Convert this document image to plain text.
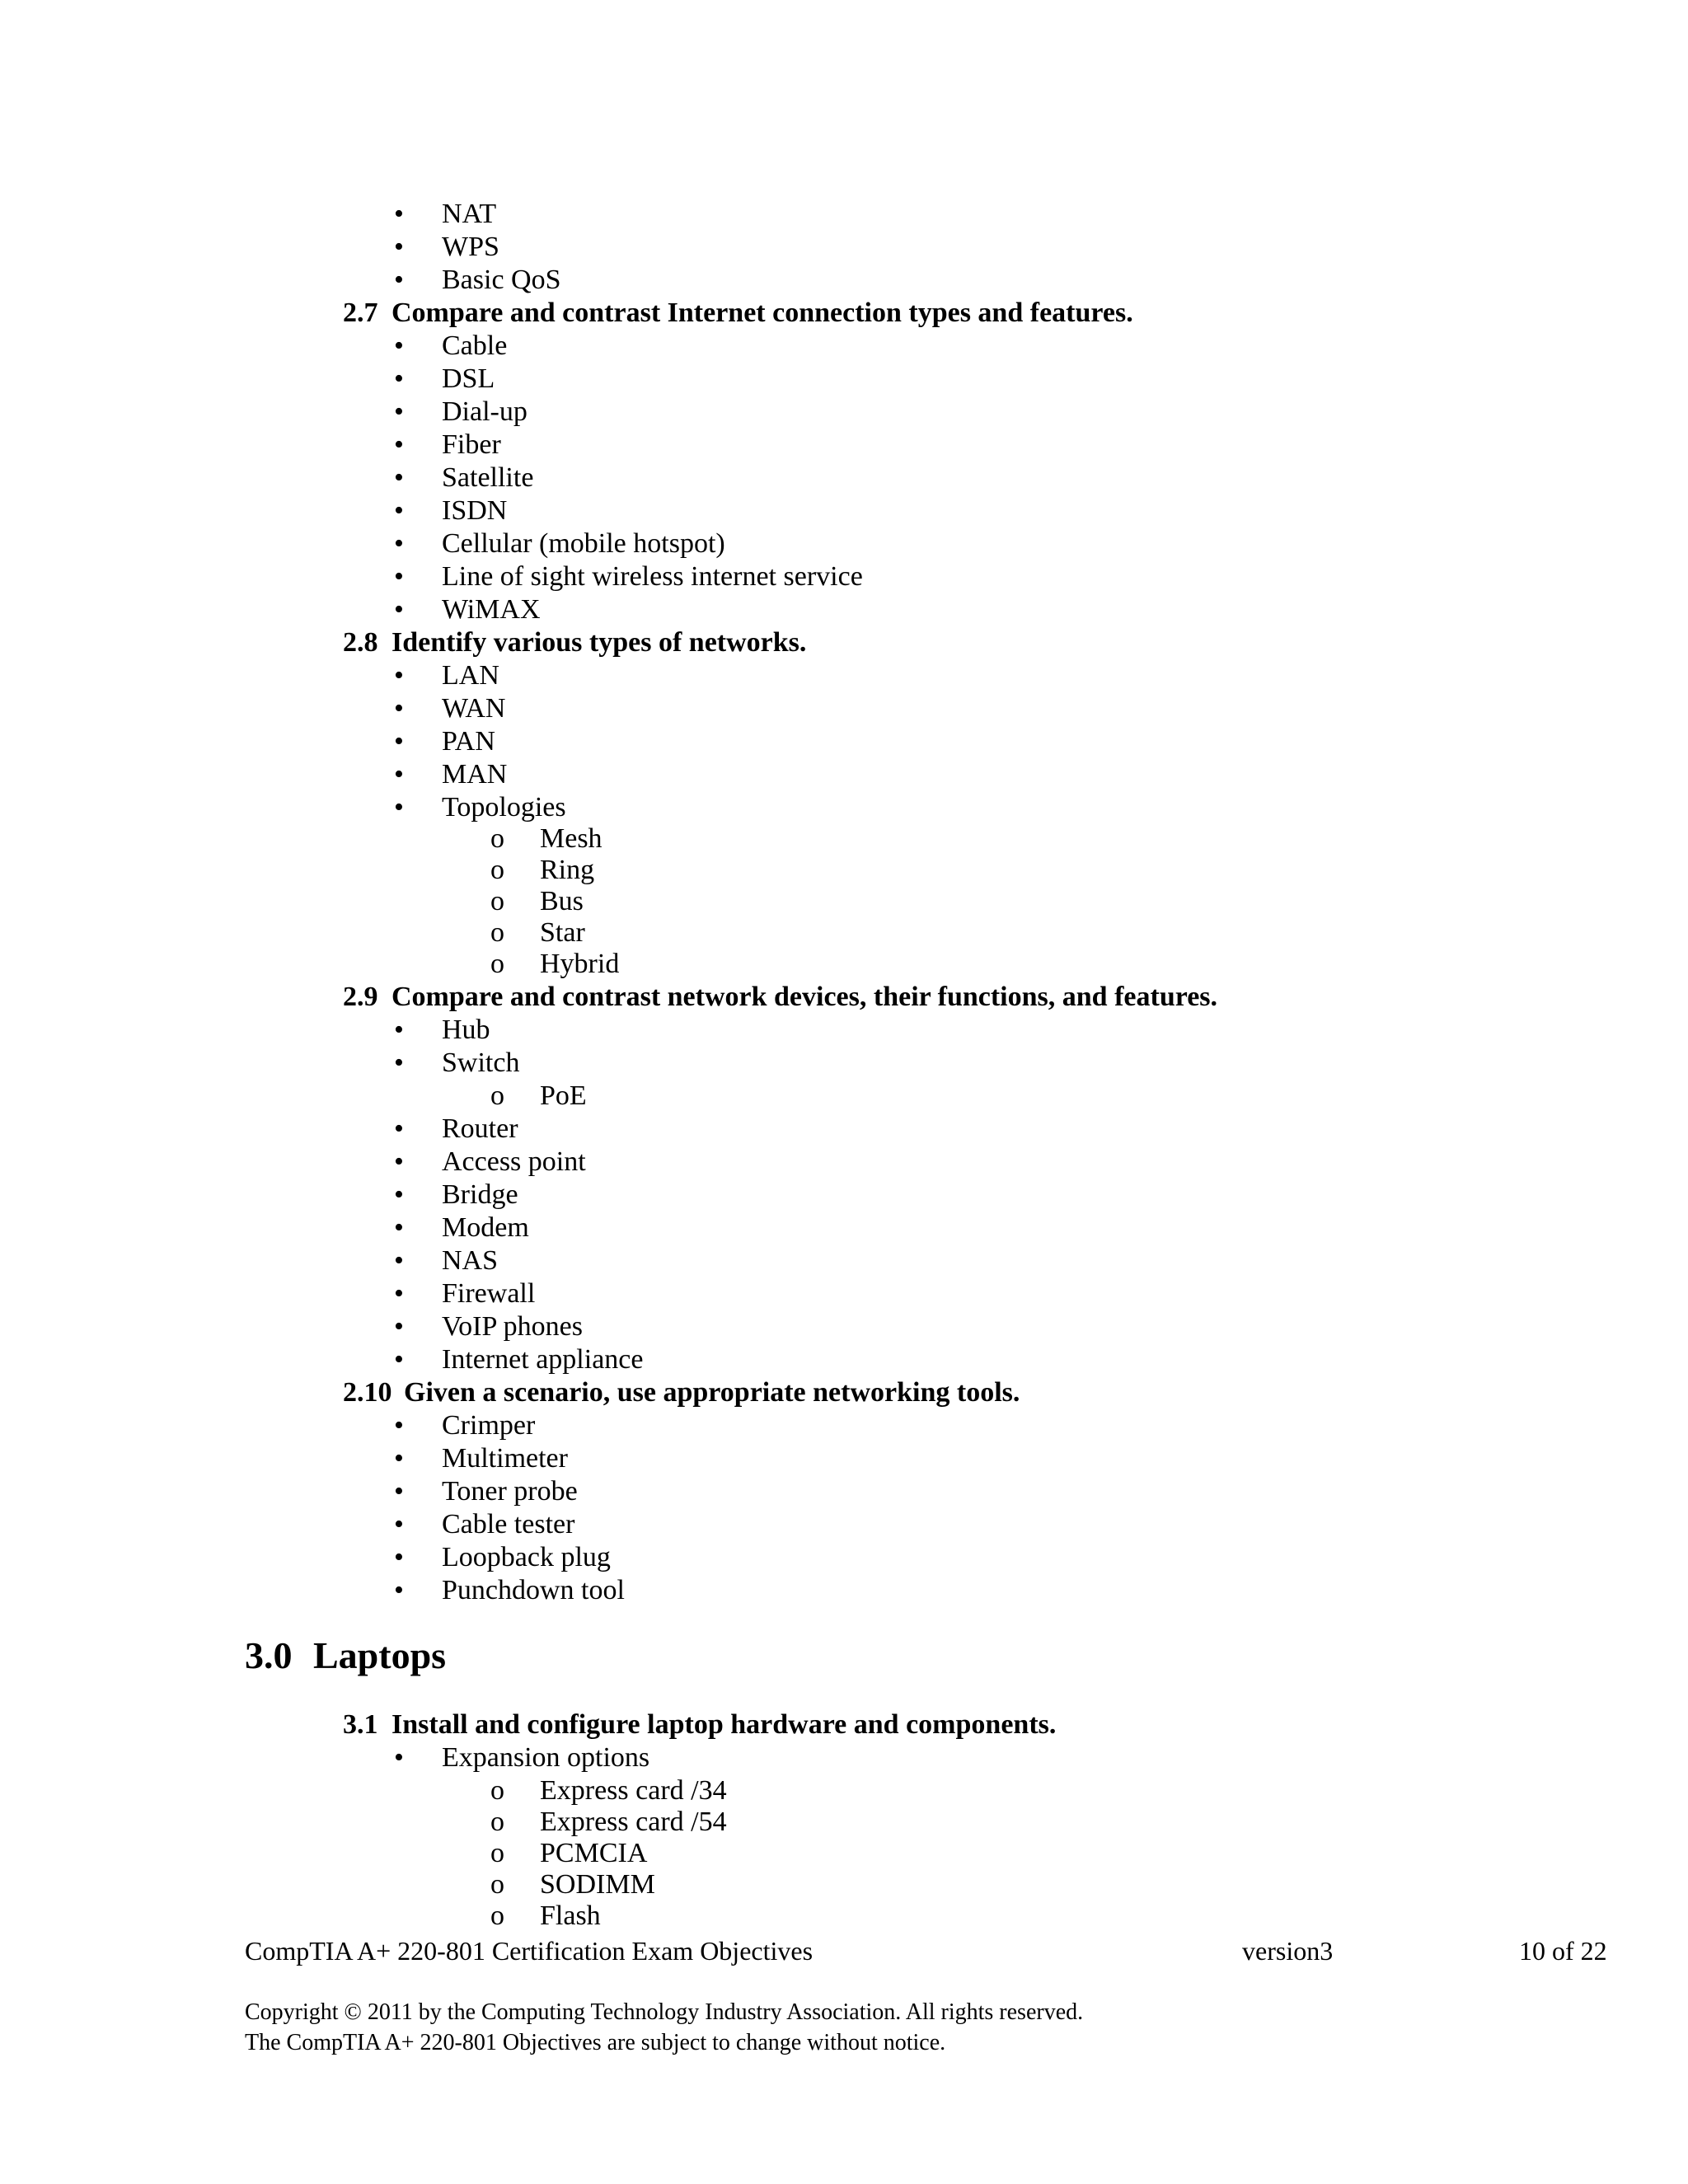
• NAT
• WPS
• Basic QoS
2.7 Compare and contrast Internet connection types and features.
• Cable
• DSL
• Dial-up
• Fiber
• Satellite
• ISDN
• Cellular (mobile hotspot)
• Line of sight wireless internet service
• WiMAX
2.8 Identify various types of networks.
• LAN
• WAN
• PAN
• MAN
• Topologies
o Mesh
o Ring
o Bus
o Star
o Hybrid
2.9 Compare and contrast network devices, their functions, and features.
• Hub
• Switch
o PoE
• Router
• Access point
• Bridge
• Modem
• NAS
• Firewall
• VoIP phones
• Internet appliance
2.10 Given a scenario, use appropriate networking tools.
• Crimper
• Multimeter
• Toner probe
• Cable tester
• Loopback plug
• Punchdown tool
3.0 Laptops
3.1 Install and configure laptop hardware and components.
• Expansion options
o Express card /34
o Express card /54
o PCMCIA
o SODIMM
o Flash
CompTIA A+ 220-801 Certification Exam Objectives	version3	10 of 22
Copyright © 2011 by the Computing Technology Industry Association. All rights reserved.
The CompTIA A+ 220-801 Objectives are subject to change without notice.
